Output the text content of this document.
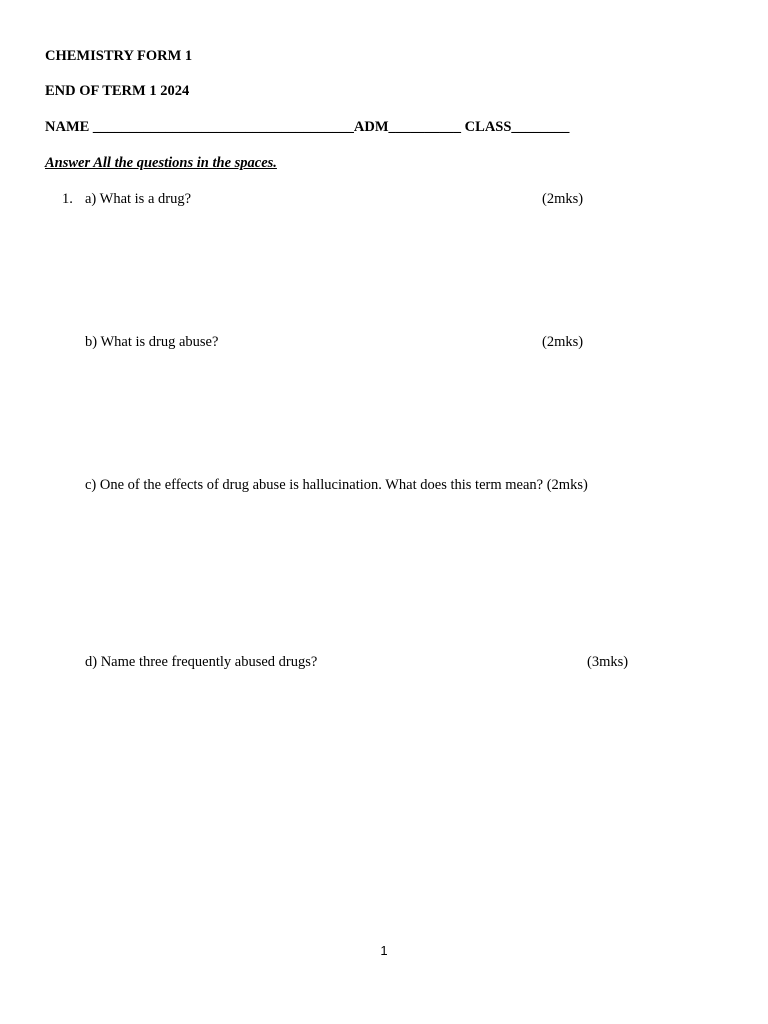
CHEMISTRY FORM 1
END OF TERM 1 2024
NAME ____________________________________ADM__________ CLASS________
Answer All the questions in the spaces.
1. a) What is a drug?	(2mks)
b) What is drug abuse?	(2mks)
c) One of the effects of drug abuse is hallucination. What does this term mean? (2mks)
d) Name three frequently abused drugs?	(3mks)
1
